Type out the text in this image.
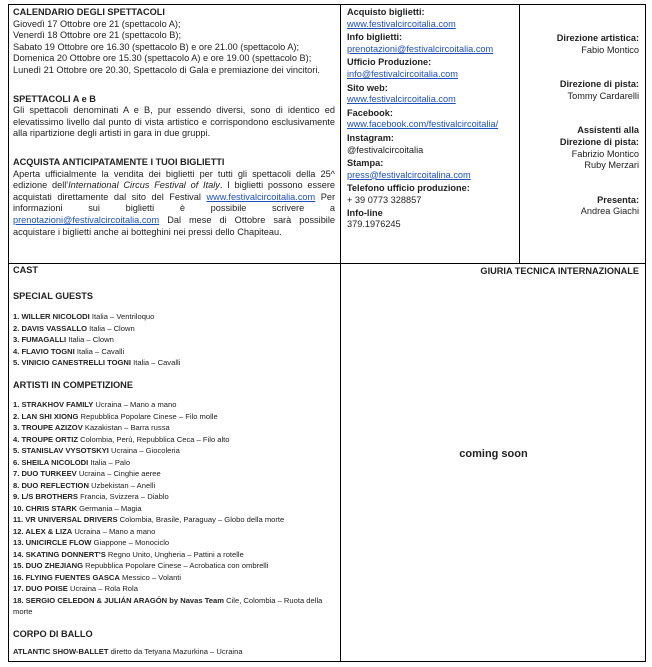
CALENDARIO DEGLI SPETTACOLI
Giovedì 17 Ottobre ore 21 (spettacolo A);
Venerdì 18 Ottobre ore 21 (spettacolo B);
Sabato 19 Ottobre ore 16.30 (spettacolo B) e ore 21.00 (spettacolo A);
Domenica 20 Ottobre ore 15.30 (spettacolo A) e ore 19.00 (spettacolo B);
Lunedì 21 Ottobre ore 20.30, Spettacolo di Gala e premiazione dei vincitori.
SPETTACOLI A e B
Gli spettacoli denominati A e B, pur essendo diversi, sono di identico ed elevatissimo livello dal punto di vista artistico e corrispondono esclusivamente alla ripartizione degli artisti in gara in due gruppi.
ACQUISTA ANTICIPATAMENTE I TUOI BIGLIETTI
Aperta ufficialmente la vendita dei biglietti per tutti gli spettacoli della 25^ edizione dell'International Circus Festival of Italy. I biglietti possono essere acquistati direttamente dal sito del Festival www.festivalcircoitalia.com Per informazioni sui biglietti è possibile scrivere a prenotazioni@festivalcircoitalia.com Dal mese di Ottobre sarà possibile acquistare i biglietti anche ai botteghini nei pressi dello Chapiteau.
Acquisto biglietti:
www.festivalcircoitalia.com
Info biglietti:
prenotazioni@festivalcircoitalia.com
Ufficio Produzione:
info@festivalcircoitalia.com
Sito web:
www.festivalcircoitalia.com
Facebook:
www.facebook.com/festivalcircoitalia/
Instagram:
@festivalcircoitalia
Stampa:
press@festivalcircoitalina.com
Telefono ufficio produzione:
+ 39 0773 328857
Info-line
379.1976245
Direzione artistica:
Fabio Montico
Direzione di pista:
Tommy Cardarelli
Assistenti alla
Direzione di pista:
Fabrizio Montico
Ruby Merzari
Presenta:
Andrea Giachi
CAST
SPECIAL GUESTS
1. WILLER NICOLODI Italia – Ventriloquo
2. DAVIS VASSALLO Italia – Clown
3. FUMAGALLI Italia – Clown
4. FLAVIO TOGNI Italia – Cavalli
5. VINICIO CANESTRELLI TOGNI Italia – Cavalli
ARTISTI IN COMPETIZIONE
1. STRAKHOV FAMILY Ucraina – Mano a mano
2. LAN SHI XIONG Repubblica Popolare Cinese – Filo molle
3. TROUPE AZIZOV Kazakistan – Barra russa
4. TROUPE ORTIZ Colombia, Perù, Repubblica Ceca – Filo alto
5. STANISLAV VYSOTSKYI Ucraina – Giocoleria
6. SHEILA NICOLODI Italia – Palo
7. DUO TURKEEV Ucraina – Cinghie aeree
8. DUO REFLECTION Uzbekistan – Anelli
9. L/S BROTHERS Francia, Svizzera – Diablo
10. CHRIS STARK Germania – Magia
11. VR UNIVERSAL DRIVERS Colombia, Brasile, Paraguay – Globo della morte
12. ALEX & LIZA Ucraina – Mano a mano
13. UNICIRCLE FLOW Giappone – Monociclo
14. SKATING DONNERT'S Regno Unito, Ungheria – Pattini a rotelle
15. DUO ZHEJIANG Repubblica Popolare Cinese – Acrobatica con ombrelli
16. FLYING FUENTES GASCA Messico – Volanti
17. DUO POISE Ucraina – Rola Rola
18. SERGIO CELEDON & JULIÁN ARAGÓN by Navas Team Cile, Colombia – Ruota della morte
CORPO DI BALLO
ATLANTIC SHOW-BALLET diretto da Tetyana Mazurkina – Ucraina
GIURIA TECNICA INTERNAZIONALE
coming soon
